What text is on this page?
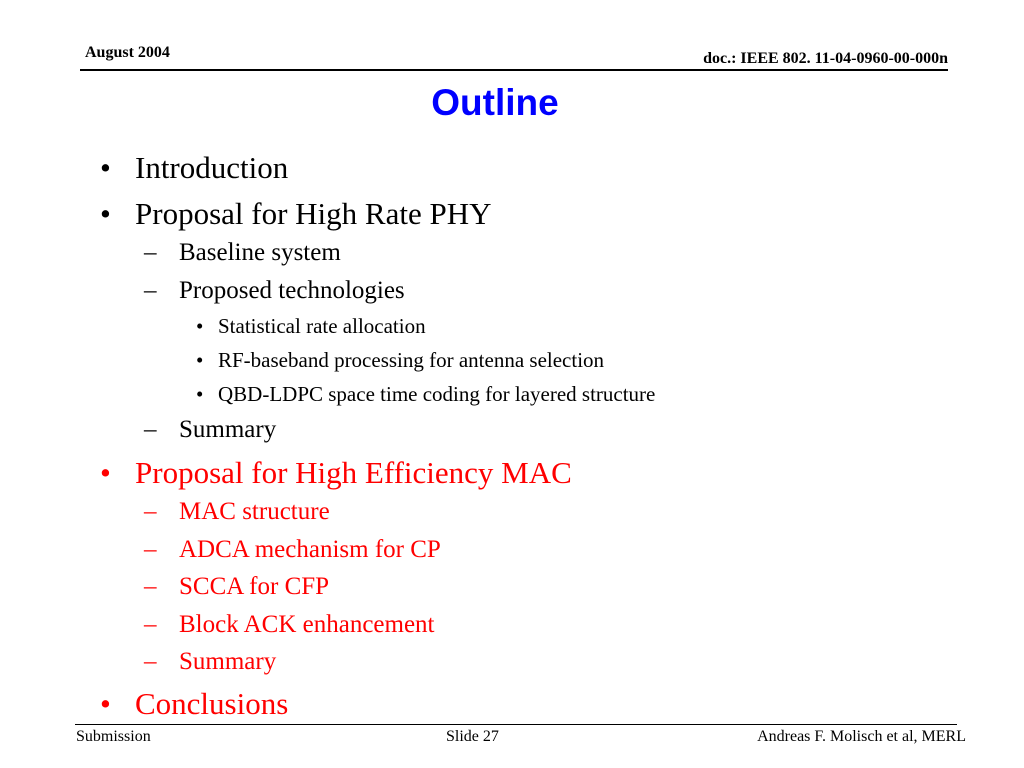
August 2004	doc.: IEEE 802. 11-04-0960-00-000n
Outline
• Introduction
• Proposal for High Rate PHY
– Baseline system
– Proposed technologies
• Statistical rate allocation
• RF-baseband processing for antenna selection
• QBD-LDPC space time coding for layered structure
– Summary
• Proposal for High Efficiency MAC
– MAC structure
– ADCA mechanism for CP
– SCCA for CFP
– Block ACK enhancement
– Summary
• Conclusions
Submission	Slide 27	Andreas F. Molisch et al, MERL
